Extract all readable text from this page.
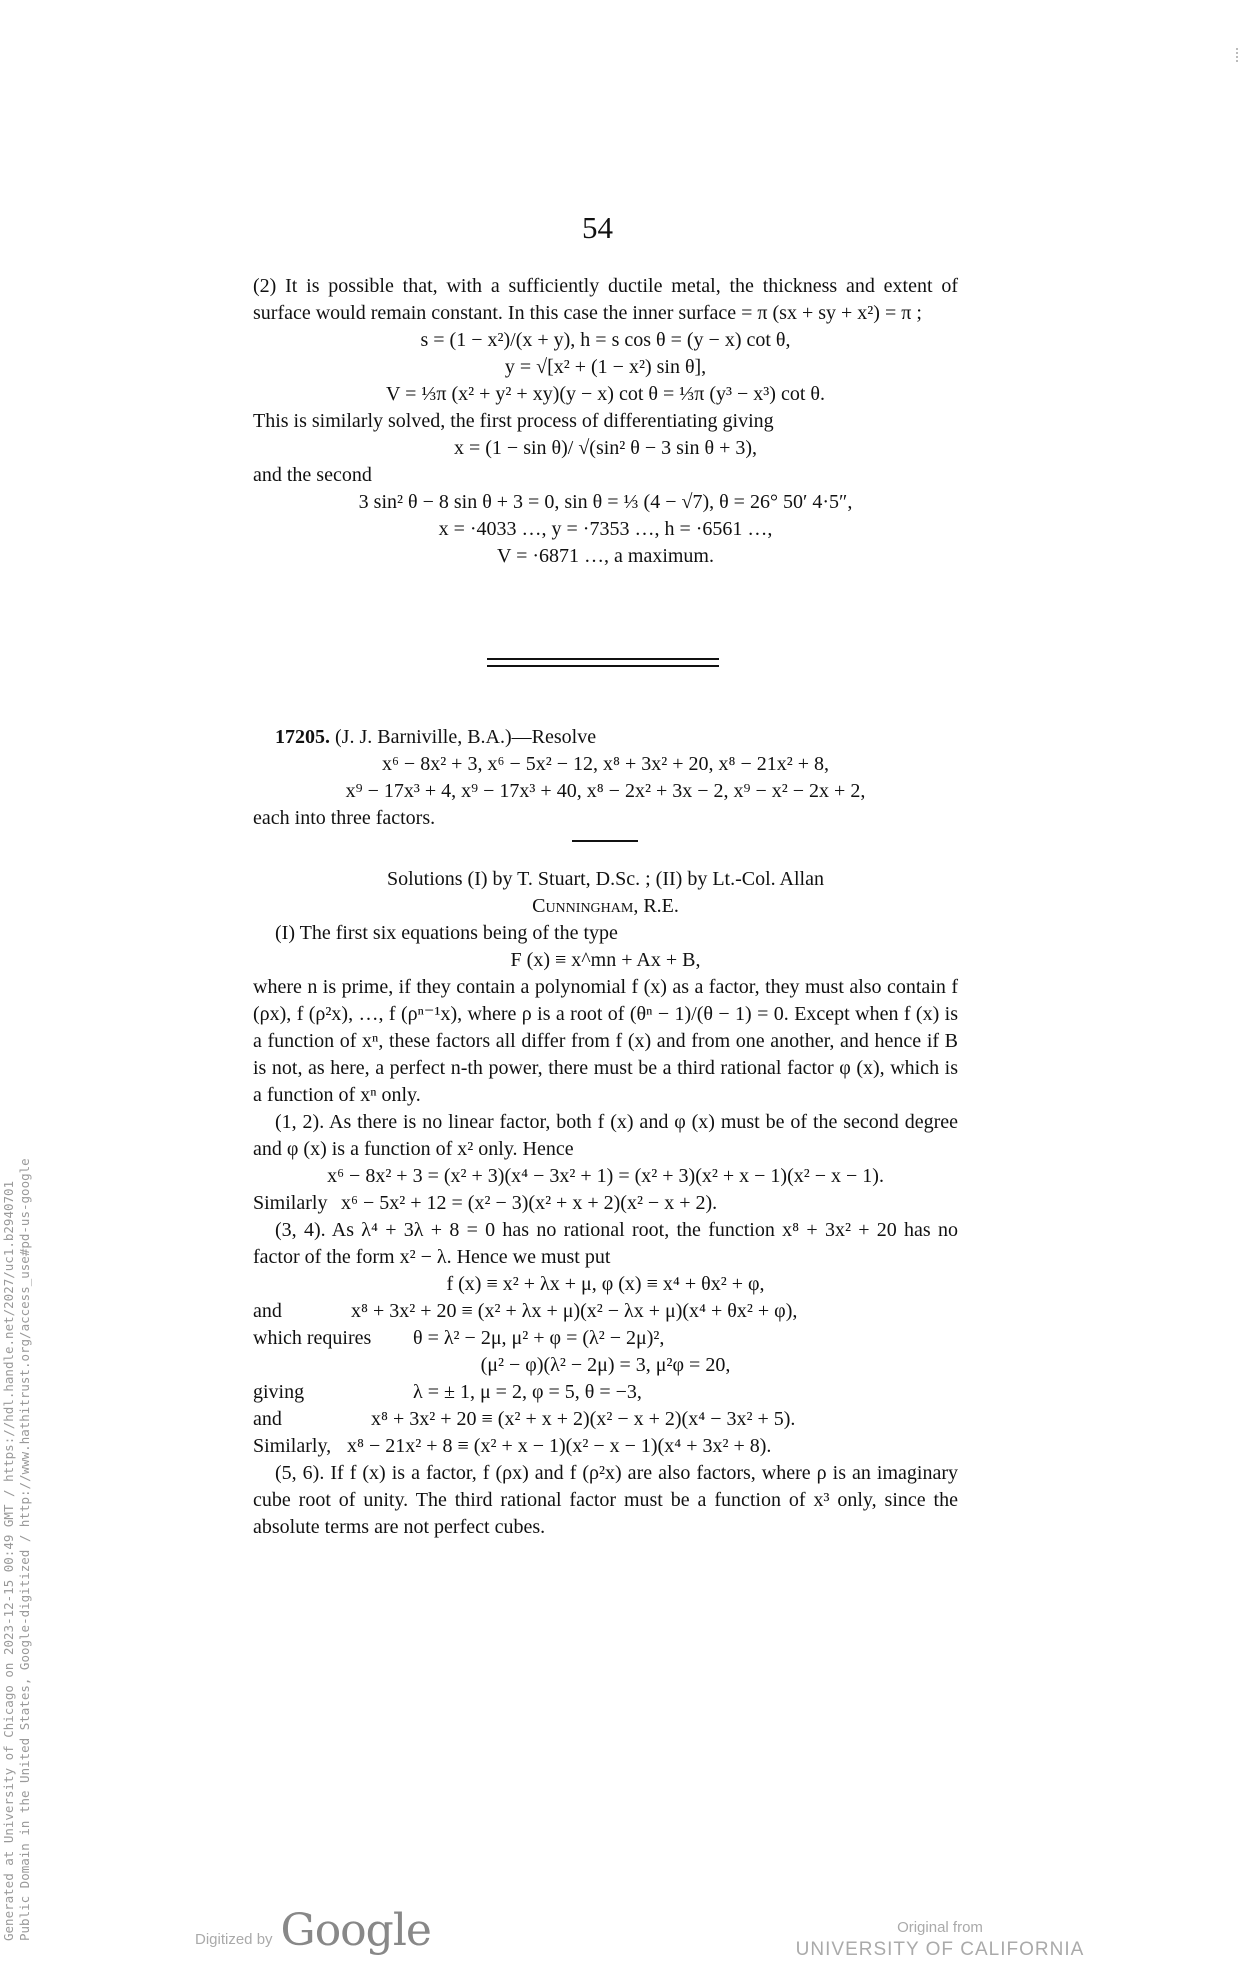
54

(2) It is possible that, with a sufficiently ductile metal, the thickness and extent of surface would remain constant. In this case the inner surface = π (sx + sy + x²) = π ;

s = (1 − x²)/(x + y), h = s cos θ = (y − x) cot θ,

y = √[x² + (1 − x²) sin θ],

V = ⅓π (x² + y² + xy)(y − x) cot θ = ⅓π (y³ − x³) cot θ.

This is similarly solved, the first process of differentiating giving

x = (1 − sin θ)/ √(sin² θ − 3 sin θ + 3),

and the second

3 sin² θ − 8 sin θ + 3 = 0, sin θ = ⅓ (4 − √7), θ = 26° 50′ 4·5″,

x = ·4033 …, y = ·7353 …, h = ·6561 …,

V = ·6871 …, a maximum.

17205. (J. J. Barniville, B.A.)—Resolve

x⁶ − 8x² + 3, x⁶ − 5x² − 12, x⁸ + 3x² + 20, x⁸ − 21x² + 8,

x⁹ − 17x³ + 4, x⁹ − 17x³ + 40, x⁸ − 2x² + 3x − 2, x⁹ − x² − 2x + 2,

each into three factors.

Solutions (I) by T. Stuart, D.Sc. ; (II) by Lt.-Col. Allan

Cunningham, R.E.

(I) The first six equations being of the type

F (x) ≡ x^mn + Ax + B,

where n is prime, if they contain a polynomial f (x) as a factor, they must also contain f (ρx), f (ρ²x), …, f (ρⁿ⁻¹x), where ρ is a root of (θⁿ − 1)/(θ − 1) = 0. Except when f (x) is a function of xⁿ, these factors all differ from f (x) and from one another, and hence if B is not, as here, a perfect n-th power, there must be a third rational factor φ (x), which is a function of xⁿ only.

(1, 2). As there is no linear factor, both f (x) and φ (x) must be of the second degree and φ (x) is a function of x² only. Hence

x⁶ − 8x² + 3 = (x² + 3)(x⁴ − 3x² + 1) = (x² + 3)(x² + x − 1)(x² − x − 1).

Similarly x⁶ − 5x² + 12 = (x² − 3)(x² + x + 2)(x² − x + 2).

(3, 4). As λ⁴ + 3λ + 8 = 0 has no rational root, the function x⁸ + 3x² + 20 has no factor of the form x² − λ. Hence we must put

f (x) ≡ x² + λx + μ, φ (x) ≡ x⁴ + θx² + φ,

and	x⁸ + 3x² + 20 ≡ (x² + λx + μ)(x² − λx + μ)(x⁴ + θx² + φ),

which requires θ = λ² − 2μ, μ² + φ = (λ² − 2μ)²,

(μ² − φ)(λ² − 2μ) = 3, μ²φ = 20,

giving	λ = ± 1, μ = 2, φ = 5, θ = −3,

and	x⁸ + 3x² + 20 ≡ (x² + x + 2)(x² − x + 2)(x⁴ − 3x² + 5).

Similarly, x⁸ − 21x² + 8 ≡ (x² + x − 1)(x² − x − 1)(x⁴ + 3x² + 8).

(5, 6). If f (x) is a factor, f (ρx) and f (ρ²x) are also factors, where ρ is an imaginary cube root of unity. The third rational factor must be a function of x³ only, since the absolute terms are not perfect cubes.

Generated at University of Chicago on 2023-12-15 00:49 GMT / https://hdl.handle.net/2027/uc1.b2940701 Public Domain in the United States, Google-digitized / http://www.hathitrust.org/access_use#pd-us-google	Digitized by Google	Original from
UNIVERSITY OF CALIFORNIA
